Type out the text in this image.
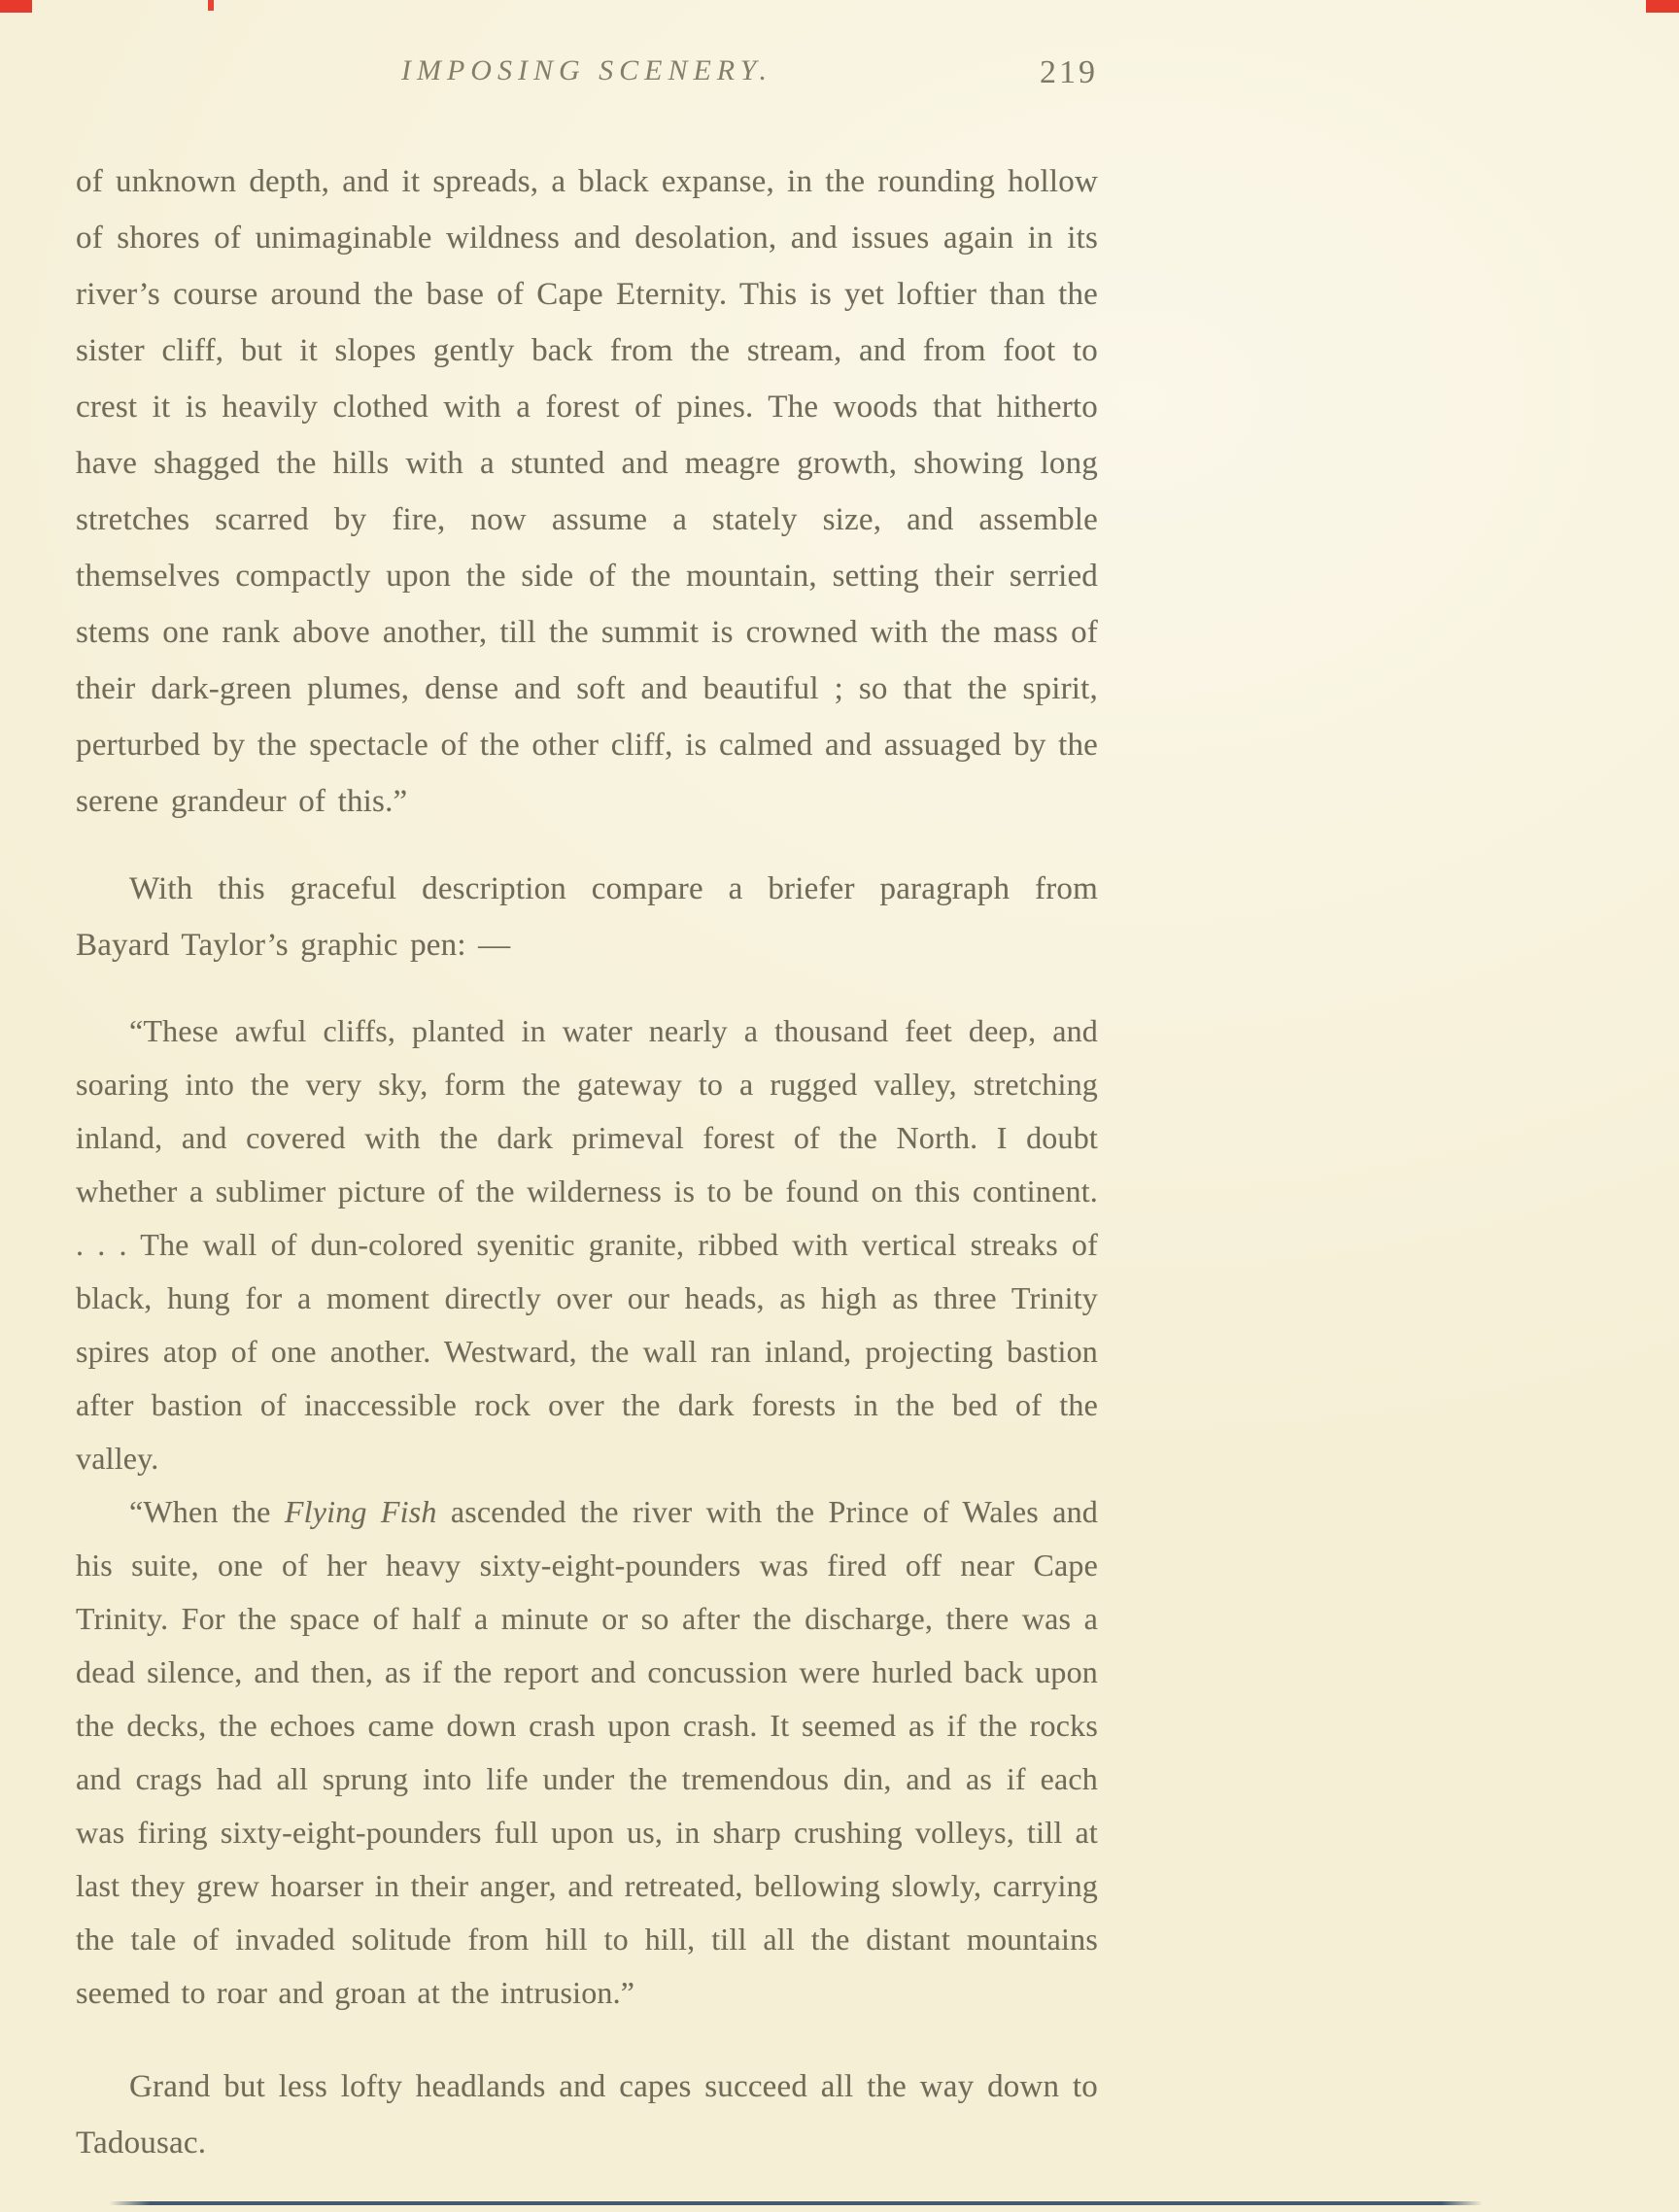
IMPOSING SCENERY.	219

of unknown depth, and it spreads, a black expanse, in the rounding hollow of shores of unimaginable wildness and desolation, and issues again in its river’s course around the base of Cape Eternity. This is yet loftier than the sister cliff, but it slopes gently back from the stream, and from foot to crest it is heavily clothed with a forest of pines. The woods that hitherto have shagged the hills with a stunted and meagre growth, showing long stretches scarred by fire, now assume a stately size, and assemble themselves compactly upon the side of the mountain, setting their serried stems one rank above another, till the summit is crowned with the mass of their dark-green plumes, dense and soft and beautiful ; so that the spirit, perturbed by the spectacle of the other cliff, is calmed and assuaged by the serene grandeur of this.”

With this graceful description compare a briefer paragraph from Bayard Taylor’s graphic pen: —

“These awful cliffs, planted in water nearly a thousand feet deep, and soaring into the very sky, form the gateway to a rugged valley, stretching inland, and covered with the dark primeval forest of the North. I doubt whether a sublimer picture of the wilderness is to be found on this continent. . . . The wall of dun-colored syenitic granite, ribbed with vertical streaks of black, hung for a moment directly over our heads, as high as three Trinity spires atop of one another. Westward, the wall ran inland, projecting bastion after bastion of inaccessible rock over the dark forests in the bed of the valley.

“When the Flying Fish ascended the river with the Prince of Wales and his suite, one of her heavy sixty-eight-pounders was fired off near Cape Trinity. For the space of half a minute or so after the discharge, there was a dead silence, and then, as if the report and concussion were hurled back upon the decks, the echoes came down crash upon crash. It seemed as if the rocks and crags had all sprung into life under the tremendous din, and as if each was firing sixty-eight-pounders full upon us, in sharp crushing volleys, till at last they grew hoarser in their anger, and retreated, bellowing slowly, carrying the tale of invaded solitude from hill to hill, till all the distant mountains seemed to roar and groan at the intrusion.”

Grand but less lofty headlands and capes succeed all the way down to Tadousac.
